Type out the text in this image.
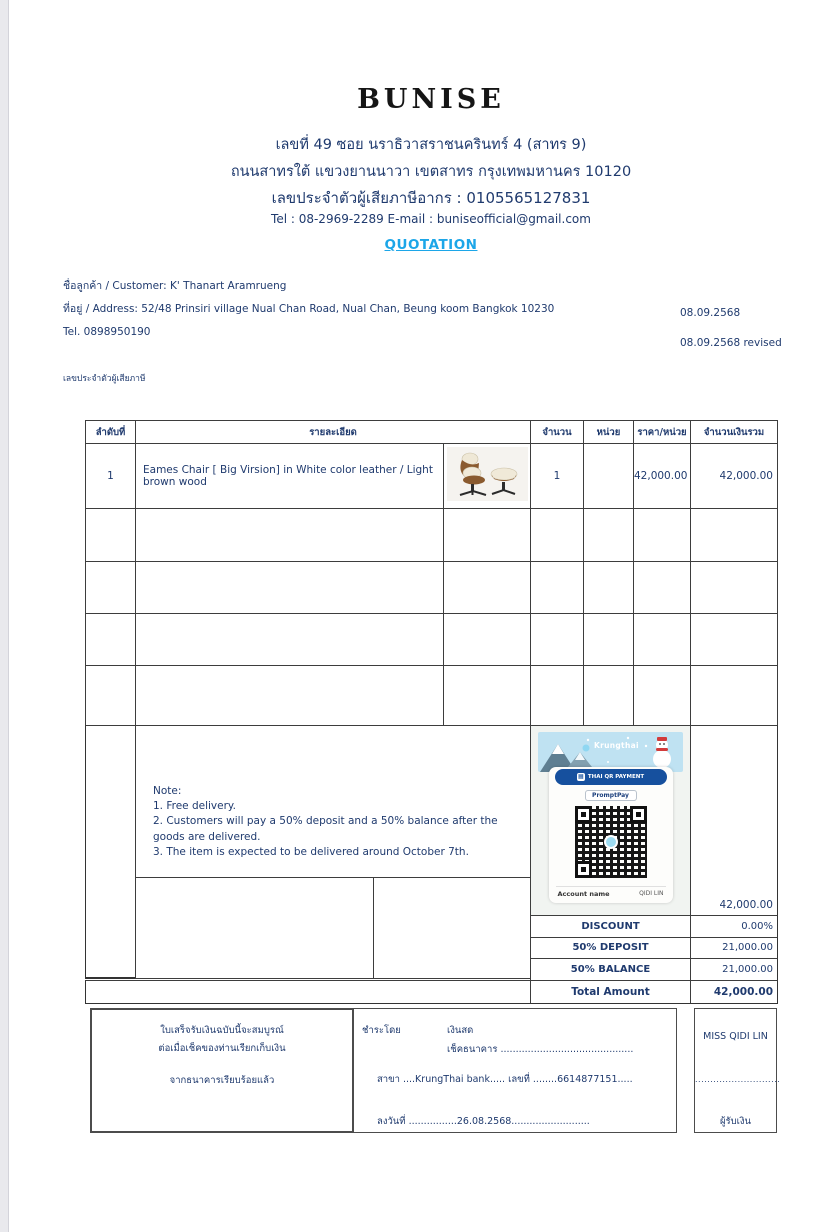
BUNISE
เลขที่ 49 ซอย นราธิวาสราชนครินทร์ 4 (สาทร 9)
ถนนสาทรใต้ แขวงยานนาวา เขตสาทร กรุงเทพมหานคร 10120
เลขประจำตัวผู้เสียภาษีอากร : 0105565127831
Tel : 08-2969-2289 E-mail : buniseofficial@gmail.com
QUOTATION
ชื่อลูกค้า / Customer: K' Thanart Aramrueng
ที่อยู่ / Address: 52/48 Prinsiri village Nual Chan Road, Nual Chan, Beung koom Bangkok 10230
Tel. 0898950190
เลขประจำตัวผู้เสียภาษี
08.09.2568
08.09.2568 revised
ลำดับที่	รายละเอียด		จำนวน	หน่วย	ราคา/หน่วย	จำนวนเงินรวม
1	Eames Chair [ Big Virsion] in White color leather / Light brown wood		1		42,000.00	42,000.00

Note:
1. Free delivery.
2. Customers will pay a 50% deposit and a 50% balance after the goods are delivered.
3. The item is expected to be delivered around October 7th.
Krungthai
▦ THAI QR PAYMENT
PromptPay
Account name	QIDI LIN
42,000.00
DISCOUNT	0.00%
50% DEPOSIT	21,000.00
50% BALANCE	21,000.00
Total Amount	42,000.00
ใบเสร็จรับเงินฉบับนี้จะสมบูรณ์
ต่อเมื่อเช็คของท่านเรียกเก็บเงิน
จากธนาคารเรียบร้อยแล้ว
ชำระโดย	เงินสด
เช็คธนาคาร ............................................
สาขา ....KrungThai bank..... เลขที่ ........6614877151.....
ลงวันที่ ................26.08.2568..........................
MISS QIDI LIN
............................
ผู้รับเงิน
